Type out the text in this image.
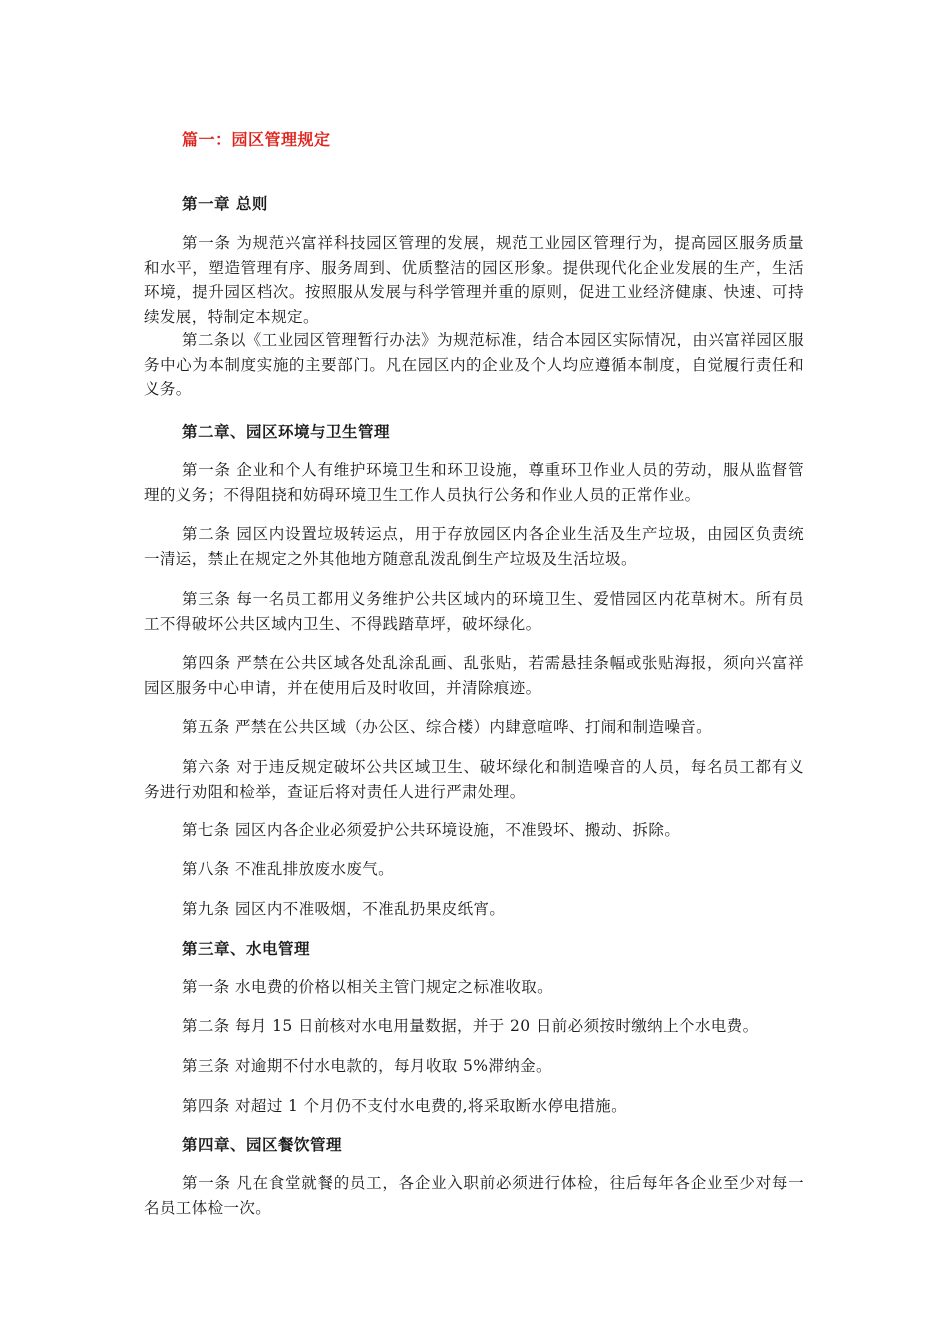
篇一：园区管理规定
第一章 总则

第一条 为规范兴富祥科技园区管理的发展，规范工业园区管理行为，提高园区服务质量和水平，塑造管理有序、服务周到、优质整洁的园区形象。提供现代化企业发展的生产，生活环境，提升园区档次。按照服从发展与科学管理并重的原则，促进工业经济健康、快速、可持续发展，特制定本规定。

第二条以《工业园区管理暂行办法》为规范标准，结合本园区实际情况，由兴富祥园区服务中心为本制度实施的主要部门。凡在园区内的企业及个人均应遵循本制度，自觉履行责任和义务。

第二章、园区环境与卫生管理

第一条 企业和个人有维护环境卫生和环卫设施，尊重环卫作业人员的劳动，服从监督管理的义务；不得阻挠和妨碍环境卫生工作人员执行公务和作业人员的正常作业。

第二条 园区内设置垃圾转运点，用于存放园区内各企业生活及生产垃圾，由园区负责统一清运，禁止在规定之外其他地方随意乱泼乱倒生产垃圾及生活垃圾。

第三条 每一名员工都用义务维护公共区域内的环境卫生、爱惜园区内花草树木。所有员工不得破坏公共区域内卫生、不得践踏草坪，破坏绿化。

第四条 严禁在公共区域各处乱涂乱画、乱张贴，若需悬挂条幅或张贴海报，须向兴富祥园区服务中心申请，并在使用后及时收回，并清除痕迹。

第五条 严禁在公共区域（办公区、综合楼）内肆意喧哗、打闹和制造噪音。

第六条 对于违反规定破坏公共区域卫生、破坏绿化和制造噪音的人员，每名员工都有义务进行劝阻和检举，查证后将对责任人进行严肃处理。

第七条 园区内各企业必须爱护公共环境设施，不准毁坏、搬动、拆除。

第八条 不准乱排放废水废气。

第九条 园区内不准吸烟，不准乱扔果皮纸宵。

第三章、水电管理

第一条 水电费的价格以相关主管门规定之标准收取。

第二条 每月 15 日前核对水电用量数据，并于 20 日前必须按时缴纳上个水电费。

第三条 对逾期不付水电款的，每月收取 5%滞纳金。

第四条 对超过 1 个月仍不支付水电费的,将采取断水停电措施。

第四章、园区餐饮管理

第一条 凡在食堂就餐的员工，各企业入职前必须进行体检，往后每年各企业至少对每一名员工体检一次。
